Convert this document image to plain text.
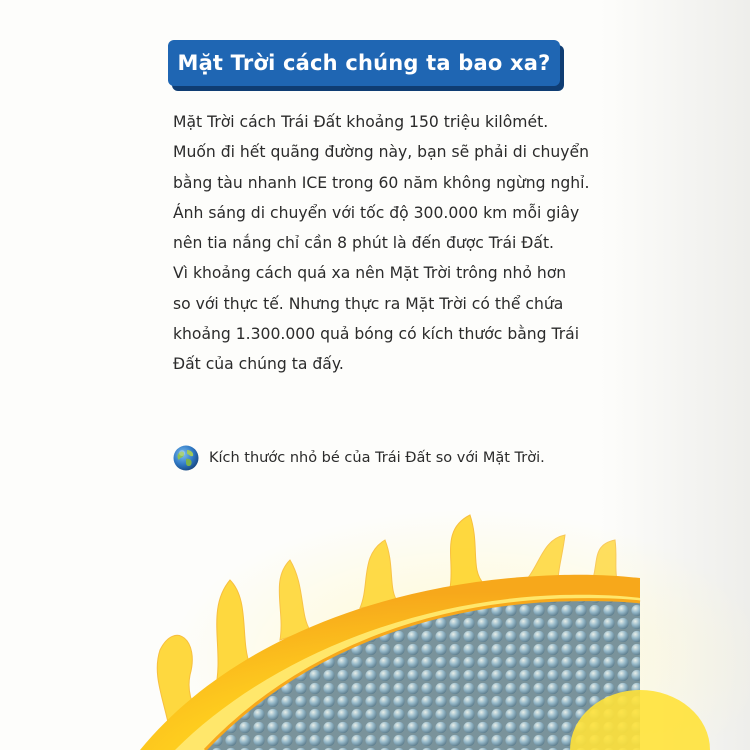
Mặt Trời cách chúng ta bao xa?
Mặt Trời cách Trái Đất khoảng 150 triệu kilômét.
Muốn đi hết quãng đường này, bạn sẽ phải di chuyển
bằng tàu nhanh ICE trong 60 năm không ngừng nghỉ.
Ánh sáng di chuyển với tốc độ 300.000 km mỗi giây
nên tia nắng chỉ cần 8 phút là đến được Trái Đất.
Vì khoảng cách quá xa nên Mặt Trời trông nhỏ hơn
so với thực tế. Nhưng thực ra Mặt Trời có thể chứa
khoảng 1.300.000 quả bóng có kích thước bằng Trái
Đất của chúng ta đấy.
Kích thước nhỏ bé của Trái Đất so với Mặt Trời.
